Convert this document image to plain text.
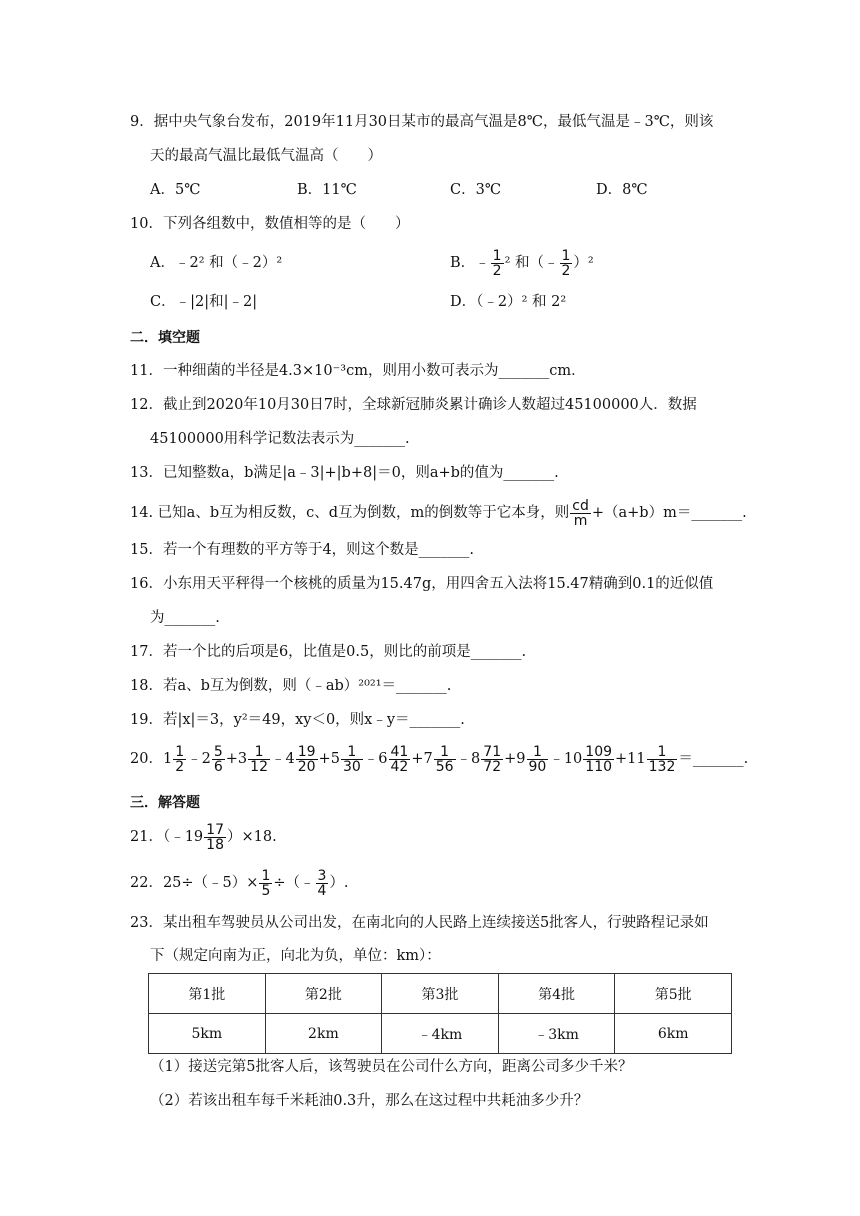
9．据中央气象台发布，2019年11月30日某市的最高气温是8℃，最低气温是﹣3℃，则该
天的最高气温比最低气温高（　　）
A．5℃	B．11℃	C．3℃	D．8℃
10．下列各组数中，数值相等的是（　　）
A．﹣2² 和（﹣2）²	B．﹣ $\frac{1}{2} ^2$ 和（﹣ $\frac{1}{2} )^2$
C．﹣|2|和|﹣2|	D．（﹣2）² 和 2²
二．填空题
11．一种细菌的半径是4.3×10⁻³cm，则用小数可表示为_______cm．
12．截止到2020年10月30日7时，全球新冠肺炎累计确诊人数超过45100000人．数据
45100000用科学记数法表示为_______.
13．已知整数a，b满足|a﹣3|+|b+8|＝0，则a+b的值为_______.
14. 已知a、b互为相反数，c、d互为倒数，m的倒数等于它本身，则 $\frac{cd}{m}$ +（a+b）m＝_______.
15．若一个有理数的平方等于4，则这个数是_______.
16．小东用天平秤得一个核桃的质量为15.47g，用四舍五入法将15.47精确到0.1的近似值
为_______.
17．若一个比的后项是6，比值是0.5，则比的前项是_______.
18．若a、b互为倒数，则（﹣ab）²⁰²¹＝_______.
19．若|x|＝3，y²＝49，xy＜0，则x﹣y＝_______.
20．$1 \frac{1}{2}$ ﹣2 $\frac{5}{6} +3 \frac{1}{12}$ ﹣4 $\frac{19}{20} +5 \frac{1}{30}$ ﹣6 $\frac{41}{42} +7 \frac{1}{56}$ ﹣8 $\frac{71}{72} +9 \frac{1}{90}$ ﹣10 $\frac{109}{110} +11 \frac{1}{132}$ ＝_______.
三．解答题
21．（﹣19 $\frac{17}{18} )\times 18$.
22．25÷（﹣5）× $\frac{1}{5}$ ÷（﹣ $\frac{3}{4}$ ）.
23．某出租车驾驶员从公司出发，在南北向的人民路上连续接送5批客人，行驶路程记录如
下（规定向南为正，向北为负，单位：km）：
第1批	第2批	第3批	第4批	第5批
5km	2km	﹣4km	﹣3km	6km
（1）接送完第5批客人后，该驾驶员在公司什么方向，距离公司多少千米？
（2）若该出租车每千米耗油0.3升，那么在这过程中共耗油多少升？
